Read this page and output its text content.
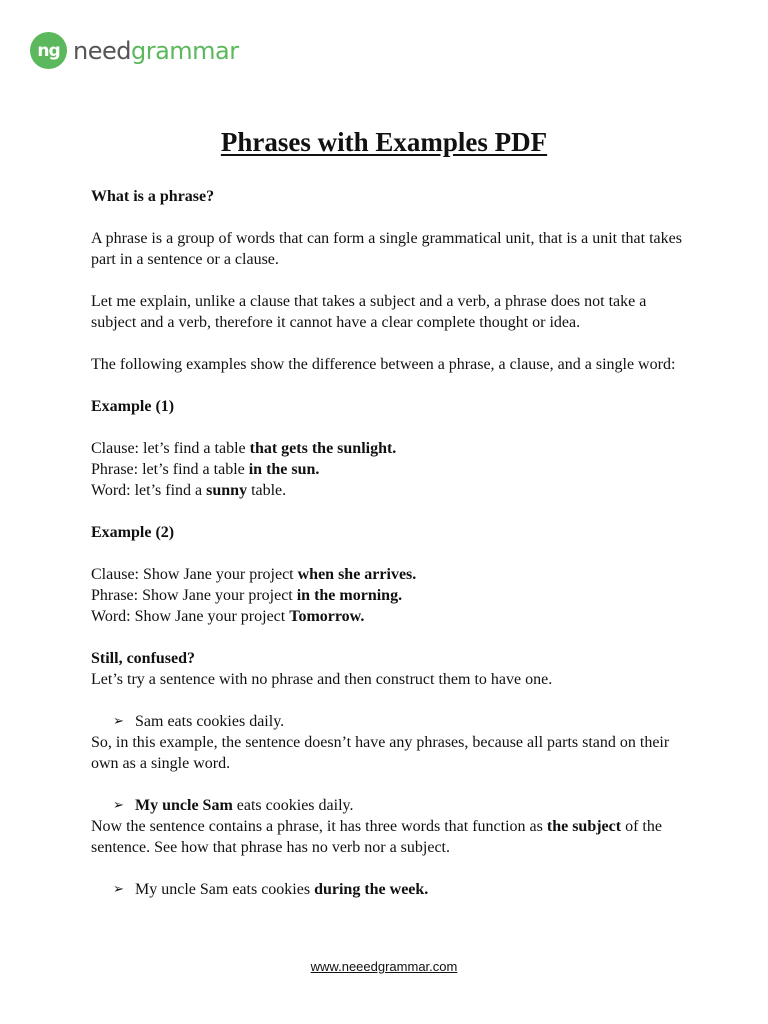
ng needgrammar
Phrases with Examples PDF

What is a phrase?

A phrase is a group of words that can form a single grammatical unit, that is a unit that takes part in a sentence or a clause.

Let me explain, unlike a clause that takes a subject and a verb, a phrase does not take a subject and a verb, therefore it cannot have a clear complete thought or idea.

The following examples show the difference between a phrase, a clause, and a single word:

Example (1)

Clause: let’s find a table that gets the sunlight.

Phrase: let’s find a table in the sun.

Word: let’s find a sunny table.

Example (2)

Clause: Show Jane your project when she arrives.

Phrase: Show Jane your project in the morning.

Word: Show Jane your project Tomorrow.

Still, confused?

Let’s try a sentence with no phrase and then construct them to have one.

➢ Sam eats cookies daily.

So, in this example, the sentence doesn’t have any phrases, because all parts stand on their own as a single word.

➢ My uncle Sam eats cookies daily.

Now the sentence contains a phrase, it has three words that function as the subject of the sentence. See how that phrase has no verb nor a subject.

➢ My uncle Sam eats cookies during the week.
www.neeedgrammar.com
